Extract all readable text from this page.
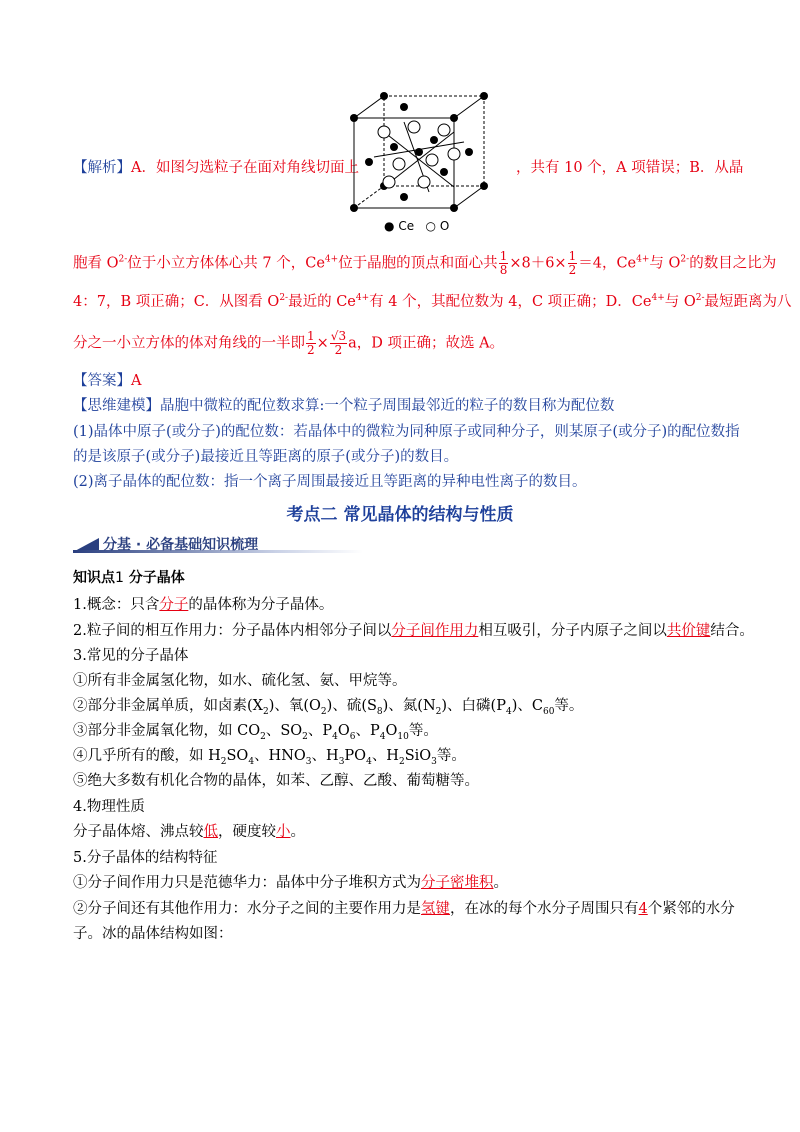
【解析】A．如图匀选粒子在面对角线切面上
● Ce ○ O
，共有 10 个，A 项错误；B．从晶
胞看 $O^{2-}$位于小立方体体心共 7 个，$Ce^{4+}$位于晶胞的顶点和面心共 $\frac{1}{8} \times 8+6\times \frac{1}{2} =4$，$Ce^{4+}$与 $O^{2-}$的数目之比为
4：7，B 项正确；C．从图看 $O^{2-}$最近的 $Ce^{4+}$有 4 个，其配位数为 4，C 项正确；D．$Ce^{4+}$与 $O^{2-}$最短距离为八
分之一小立方体的体对角线的一半即 $\frac{1}{2} \times \frac{√3}{2}$ a，D 项正确；故选 A。
【答案】A
【思维建模】晶胞中微粒的配位数求算:一个粒子周围最邻近的粒子的数目称为配位数
(1)晶体中原子(或分子)的配位数：若晶体中的微粒为同种原子或同种分子，则某原子(或分子)的配位数指
的是该原子(或分子)最接近且等距离的原子(或分子)的数目。
(2)离子晶体的配位数：指一个离子周围最接近且等距离的异种电性离子的数目。
考点二 常见晶体的结构与性质
分基 · 必备基础知识梳理
知识点1 分子晶体
1.概念：只含分子的晶体称为分子晶体。
2.粒子间的相互作用力：分子晶体内相邻分子间以分子间作用力相互吸引，分子内原子之间以共价键结合。
3.常见的分子晶体
①所有非金属氢化物，如水、硫化氢、氨、甲烷等。
②部分非金属单质，如卤素$(X_2)$、氧$(O_2)$、硫$(S_8)$、氮$(N_2)$、白磷$(P_4)$、$C_{60}$等。
③部分非金属氧化物，如 $CO_2$、$SO_2$、$P_4O_6$、$P_4O_{10}$等。
④几乎所有的酸，如 $H_2SO_4$、$HNO_3$、$H_3PO_4$、$H_2SiO_3$等。
⑤绝大多数有机化合物的晶体，如苯、乙醇、乙酸、葡萄糖等。
4.物理性质
分子晶体熔、沸点较低，硬度较小。
5.分子晶体的结构特征
①分子间作用力只是范德华力：晶体中分子堆积方式为分子密堆积。
②分子间还有其他作用力：水分子之间的主要作用力是氢键，在冰的每个水分子周围只有4个紧邻的水分
子。冰的晶体结构如图：
